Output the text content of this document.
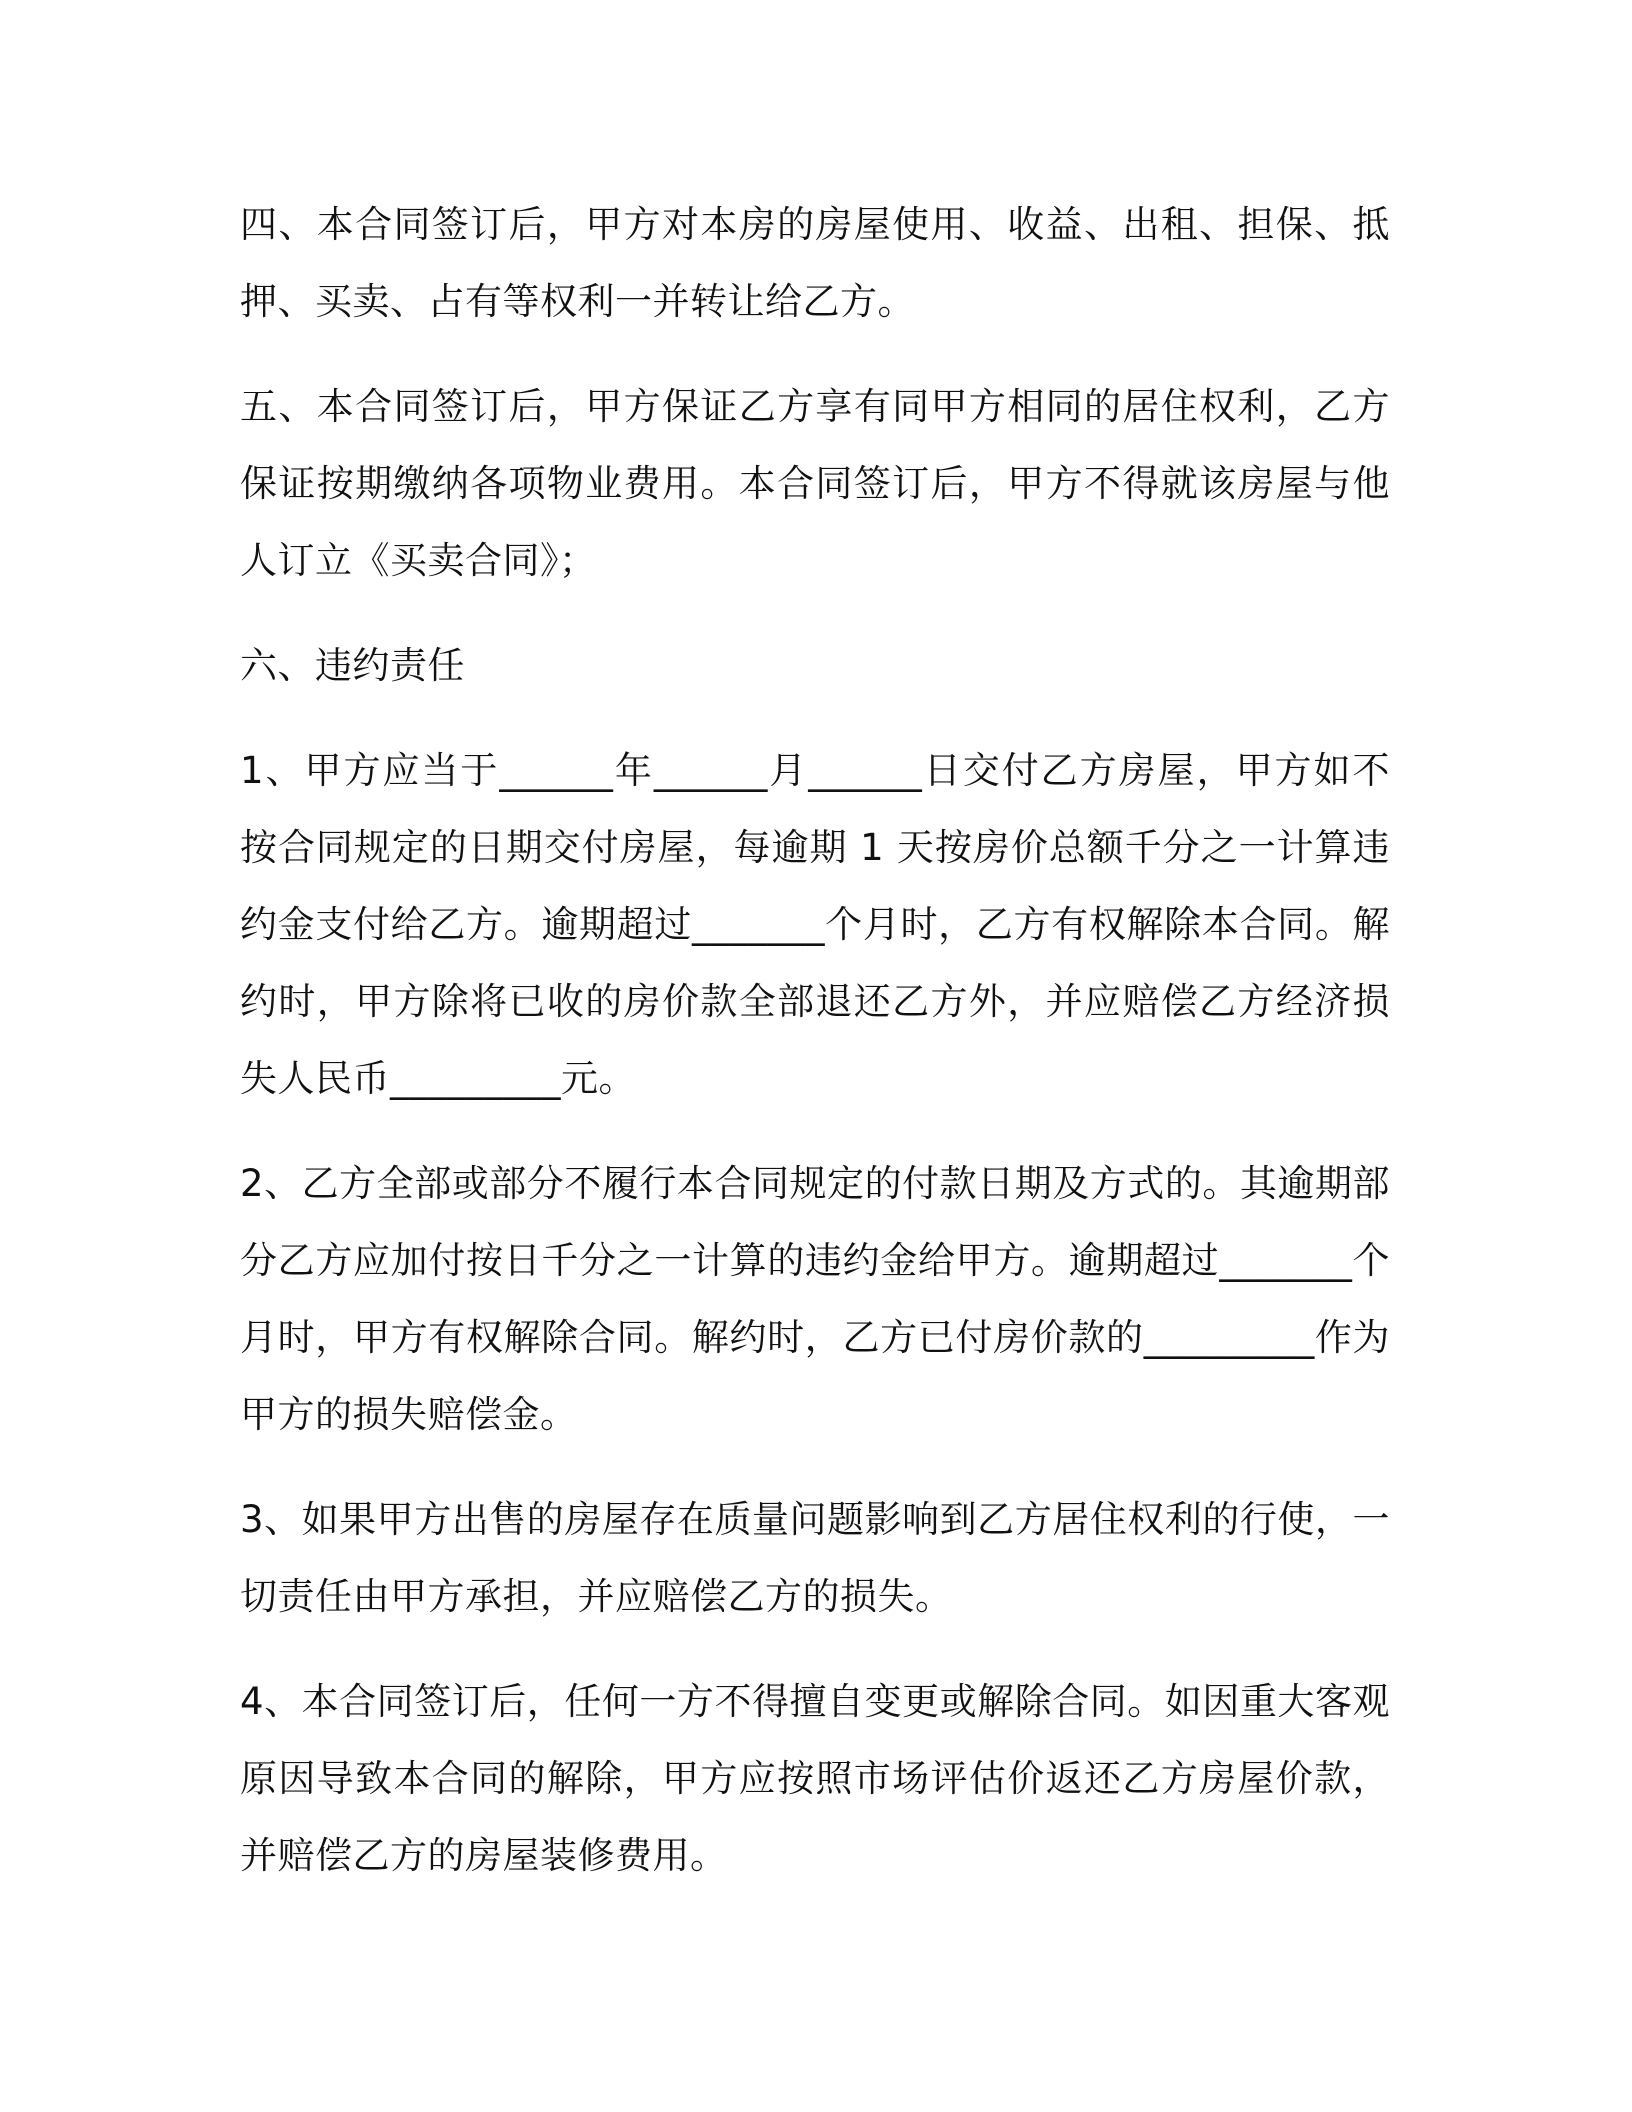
四、本合同签订后，甲方对本房的房屋使用、收益、出租、担保、抵押、买卖、占有等权利一并转让给乙方。

五、本合同签订后，甲方保证乙方享有同甲方相同的居住权利，乙方保证按期缴纳各项物业费用。本合同签订后，甲方不得就该房屋与他人订立《买卖合同》；

六、违约责任

1、甲方应当于______年______月______日交付乙方房屋，甲方如不按合同规定的日期交付房屋，每逾期 1 天按房价总额千分之一计算违约金支付给乙方。逾期超过_______个月时，乙方有权解除本合同。解约时，甲方除将已收的房价款全部退还乙方外，并应赔偿乙方经济损失人民币_________元。

2、乙方全部或部分不履行本合同规定的付款日期及方式的。其逾期部分乙方应加付按日千分之一计算的违约金给甲方。逾期超过_______个月时，甲方有权解除合同。解约时，乙方已付房价款的_________作为甲方的损失赔偿金。

3、如果甲方出售的房屋存在质量问题影响到乙方居住权利的行使，一切责任由甲方承担，并应赔偿乙方的损失。

4、本合同签订后，任何一方不得擅自变更或解除合同。如因重大客观原因导致本合同的解除，甲方应按照市场评估价返还乙方房屋价款，并赔偿乙方的房屋装修费用。
